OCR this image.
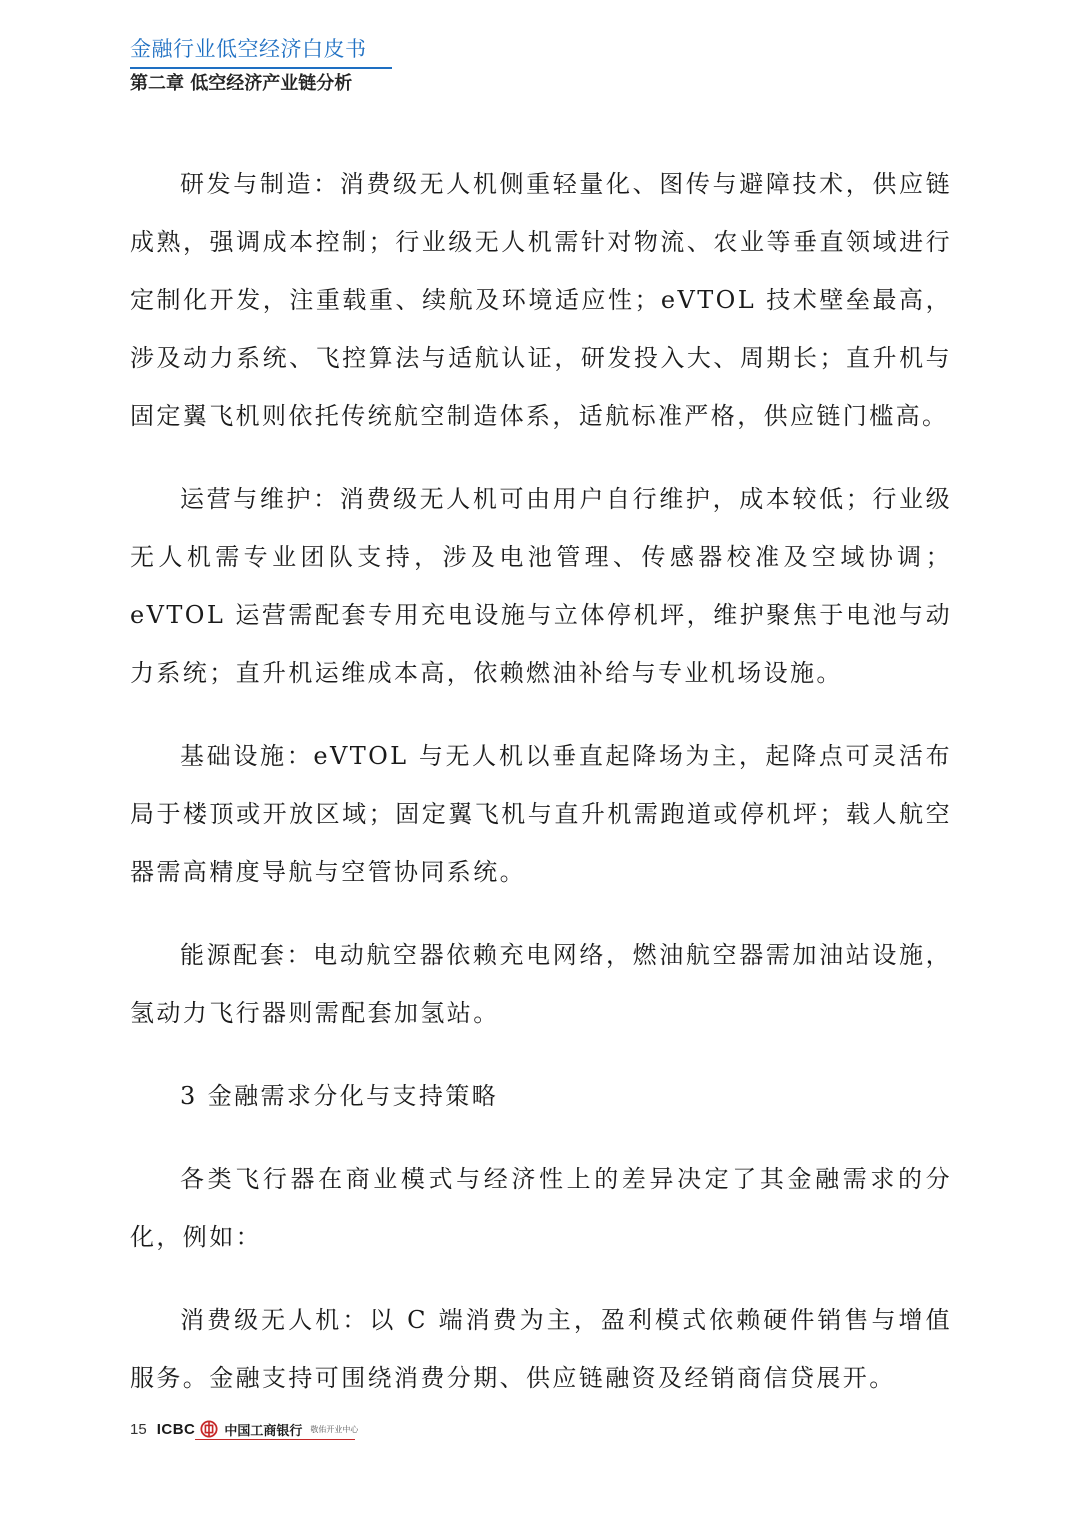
金融行业低空经济白皮书
第二章 低空经济产业链分析

研发与制造：消费级无人机侧重轻量化、图传与避障技术，供应链成熟，强调成本控制；行业级无人机需针对物流、农业等垂直领域进行定制化开发，注重载重、续航及环境适应性；eVTOL 技术壁垒最高，涉及动力系统、飞控算法与适航认证，研发投入大、周期长；直升机与固定翼飞机则依托传统航空制造体系，适航标准严格，供应链门槛高。

运营与维护：消费级无人机可由用户自行维护，成本较低；行业级无人机需专业团队支持，涉及电池管理、传感器校准及空域协调；eVTOL 运营需配套专用充电设施与立体停机坪，维护聚焦于电池与动力系统；直升机运维成本高，依赖燃油补给与专业机场设施。

基础设施：eVTOL 与无人机以垂直起降场为主，起降点可灵活布局于楼顶或开放区域；固定翼飞机与直升机需跑道或停机坪；载人航空器需高精度导航与空管协同系统。

能源配套：电动航空器依赖充电网络，燃油航空器需加油站设施，氢动力飞行器则需配套加氢站。

3 金融需求分化与支持策略

各类飞行器在商业模式与经济性上的差异决定了其金融需求的分化，例如：

消费级无人机：以 C 端消费为主，盈利模式依赖硬件销售与增值服务。金融支持可围绕消费分期、供应链融资及经销商信贷展开。

15 ICBC 中国工商银行 敬佑开业中心
